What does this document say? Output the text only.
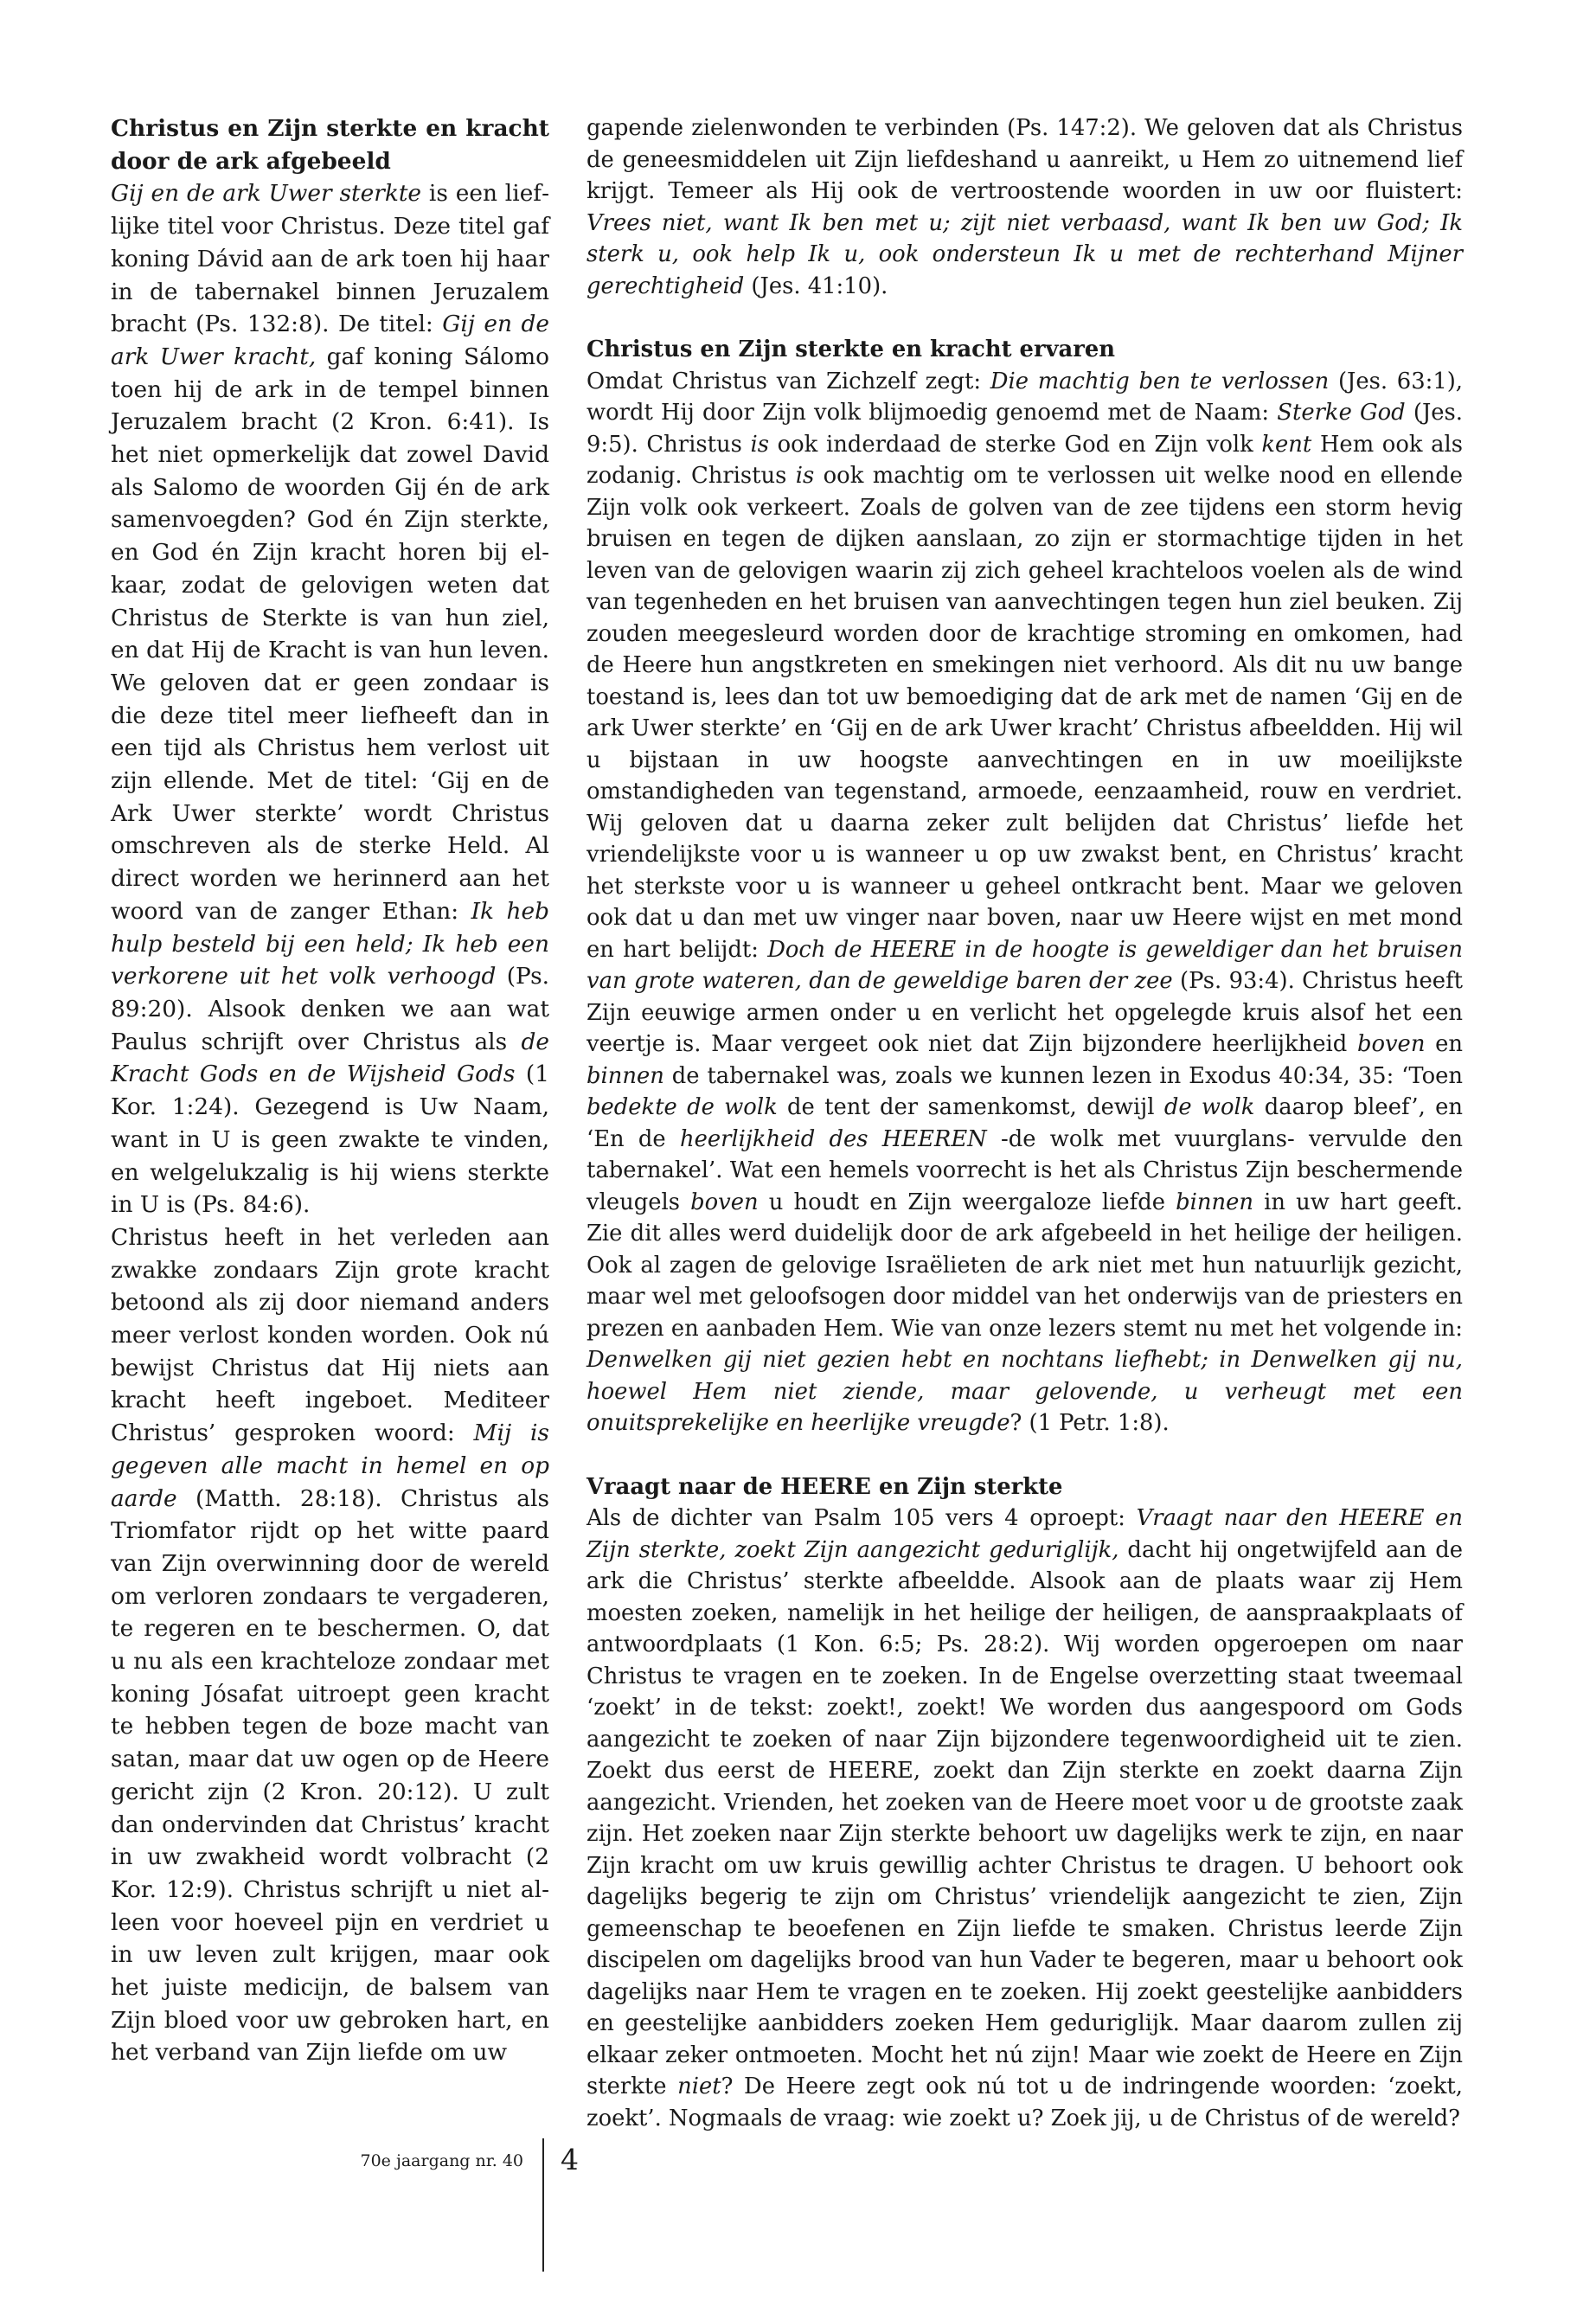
Christus en Zijn sterkte en kracht door de ark afgebeeld

Gij en de ark Uwer sterkte is een lieflijke titel voor Christus. Deze titel gaf koning Dávid aan de ark toen hij haar in de tabernakel binnen Jeruzalem bracht (Ps. 132:8). De titel: Gij en de ark Uwer kracht, gaf koning Sálomo toen hij de ark in de tempel binnen Jeruzalem bracht (2 Kron. 6:41). Is het niet opmerkelijk dat zowel David als Salomo de woorden Gij én de ark samenvoegden? God én Zijn sterkte, en God én Zijn kracht horen bij elkaar, zodat de gelovigen weten dat Christus de Sterkte is van hun ziel, en dat Hij de Kracht is van hun leven. We geloven dat er geen zondaar is die deze titel meer liefheeft dan in een tijd als Christus hem verlost uit zijn ellende. Met de titel: ‘Gij en de Ark Uwer sterkte’ wordt Christus omschreven als de sterke Held. Al direct worden we herinnerd aan het woord van de zanger Ethan: Ik heb hulp besteld bij een held; Ik heb een verkorene uit het volk verhoogd (Ps. 89:20). Alsook denken we aan wat Paulus schrijft over Christus als de Kracht Gods en de Wijsheid Gods (1 Kor. 1:24). Gezegend is Uw Naam, want in U is geen zwakte te vinden, en welgelukzalig is hij wiens sterkte in U is (Ps. 84:6).

Christus heeft in het verleden aan zwakke zondaars Zijn grote kracht betoond als zij door niemand anders meer verlost konden worden. Ook nú bewijst Christus dat Hij niets aan kracht heeft ingeboet. Mediteer Christus’ gesproken woord: Mij is gegeven alle macht in hemel en op aarde (Matth. 28:18). Christus als Triomfator rijdt op het witte paard van Zijn overwinning door de wereld om verloren zondaars te vergaderen, te regeren en te beschermen. O, dat u nu als een krachteloze zondaar met koning Jósafat uitroept geen kracht te hebben tegen de boze macht van satan, maar dat uw ogen op de Heere gericht zijn (2 Kron. 20:12). U zult dan ondervinden dat Christus’ kracht in uw zwakheid wordt volbracht (2 Kor. 12:9). Christus schrijft u niet alleen voor hoeveel pijn en verdriet u in uw leven zult krijgen, maar ook het juiste medicijn, de balsem van Zijn bloed voor uw gebroken hart, en het verband van Zijn liefde om uw

gapende zielenwonden te verbinden (Ps. 147:2). We geloven dat als Christus de geneesmiddelen uit Zijn liefdeshand u aanreikt, u Hem zo uitnemend lief krijgt. Temeer als Hij ook de vertroostende woorden in uw oor fluistert: Vrees niet, want Ik ben met u; zijt niet verbaasd, want Ik ben uw God; Ik sterk u, ook help Ik u, ook ondersteun Ik u met de rechterhand Mijner gerechtigheid (Jes. 41:10).

Christus en Zijn sterkte en kracht ervaren

Omdat Christus van Zichzelf zegt: Die machtig ben te verlossen (Jes. 63:1), wordt Hij door Zijn volk blijmoedig genoemd met de Naam: Sterke God (Jes. 9:5). Christus is ook inderdaad de sterke God en Zijn volk kent Hem ook als zodanig. Christus is ook machtig om te verlossen uit welke nood en ellende Zijn volk ook verkeert. Zoals de golven van de zee tijdens een storm hevig bruisen en tegen de dijken aanslaan, zo zijn er stormachtige tijden in het leven van de gelovigen waarin zij zich geheel krachteloos voelen als de wind van tegenheden en het bruisen van aanvechtingen tegen hun ziel beuken. Zij zouden meegesleurd worden door de krachtige stroming en omkomen, had de Heere hun angstkreten en smekingen niet verhoord. Als dit nu uw bange toestand is, lees dan tot uw bemoediging dat de ark met de namen ‘Gij en de ark Uwer sterkte’ en ‘Gij en de ark Uwer kracht’ Christus afbeeldden. Hij wil u bijstaan in uw hoogste aanvechtingen en in uw moeilijkste omstandigheden van tegenstand, armoede, eenzaamheid, rouw en verdriet. Wij geloven dat u daarna zeker zult belijden dat Christus’ liefde het vriendelijkste voor u is wanneer u op uw zwakst bent, en Christus’ kracht het sterkste voor u is wanneer u geheel ontkracht bent. Maar we geloven ook dat u dan met uw vinger naar boven, naar uw Heere wijst en met mond en hart belijdt: Doch de HEERE in de hoogte is geweldiger dan het bruisen van grote wateren, dan de geweldige baren der zee (Ps. 93:4). Christus heeft Zijn eeuwige armen onder u en verlicht het opgelegde kruis alsof het een veertje is. Maar vergeet ook niet dat Zijn bijzondere heerlijkheid boven en binnen de tabernakel was, zoals we kunnen lezen in Exodus 40:34, 35: ‘Toen bedekte de wolk de tent der samenkomst, dewijl de wolk daarop bleef’, en ‘En de heerlijkheid des HEEREN -de wolk met vuurglans- vervulde den tabernakel’. Wat een hemels voorrecht is het als Christus Zijn beschermende vleugels boven u houdt en Zijn weergaloze liefde binnen in uw hart geeft. Zie dit alles werd duidelijk door de ark afgebeeld in het heilige der heiligen. Ook al zagen de gelovige Israëlieten de ark niet met hun natuurlijk gezicht, maar wel met geloofsogen door middel van het onderwijs van de priesters en prezen en aanbaden Hem. Wie van onze lezers stemt nu met het volgende in: Denwelken gij niet gezien hebt en nochtans liefhebt; in Denwelken gij nu, hoewel Hem niet ziende, maar gelovende, u verheugt met een onuitsprekelijke en heerlijke vreugde? (1 Petr. 1:8).

Vraagt naar de HEERE en Zijn sterkte

Als de dichter van Psalm 105 vers 4 oproept: Vraagt naar den HEERE en Zijn sterkte, zoekt Zijn aangezicht geduriglijk, dacht hij ongetwijfeld aan de ark die Christus’ sterkte afbeeldde. Alsook aan de plaats waar zij Hem moesten zoeken, namelijk in het heilige der heiligen, de aanspraakplaats of antwoordplaats (1 Kon. 6:5; Ps. 28:2). Wij worden opgeroepen om naar Christus te vragen en te zoeken. In de Engelse overzetting staat tweemaal ‘zoekt’ in de tekst: zoekt!, zoekt! We worden dus aangespoord om Gods aangezicht te zoeken of naar Zijn bijzondere tegenwoordigheid uit te zien. Zoekt dus eerst de HEERE, zoekt dan Zijn sterkte en zoekt daarna Zijn aangezicht. Vrienden, het zoeken van de Heere moet voor u de grootste zaak zijn. Het zoeken naar Zijn sterkte behoort uw dagelijks werk te zijn, en naar Zijn kracht om uw kruis gewillig achter Christus te dragen. U behoort ook dagelijks begerig te zijn om Christus’ vriendelijk aangezicht te zien, Zijn gemeenschap te beoefenen en Zijn liefde te smaken. Christus leerde Zijn discipelen om dagelijks brood van hun Vader te begeren, maar u behoort ook dagelijks naar Hem te vragen en te zoeken. Hij zoekt geestelijke aanbidders en geestelijke aanbidders zoeken Hem geduriglijk. Maar daarom zullen zij elkaar zeker ontmoeten. Mocht het nú zijn! Maar wie zoekt de Heere en Zijn sterkte niet? De Heere zegt ook nú tot u de indringende woorden: ‘zoekt, zoekt’. Nogmaals de vraag: wie zoekt u? Zoek jij, u de Christus of de wereld?

70e jaargang nr. 40 4
